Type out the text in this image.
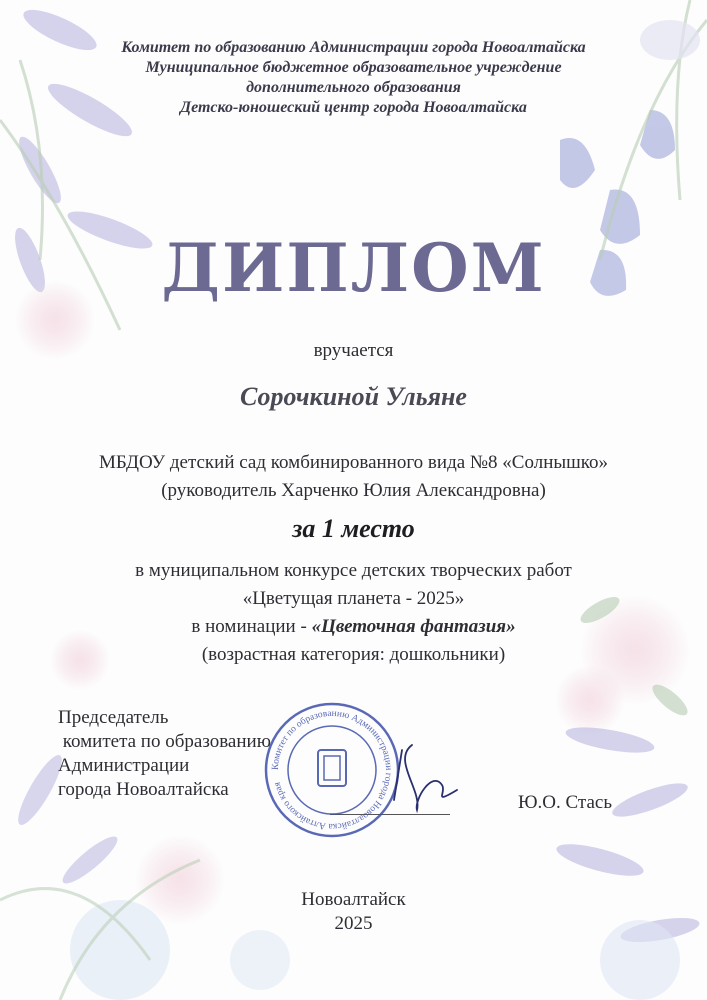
Комитет по образованию Администрации города Новоалтайска
Муниципальное бюджетное образовательное учреждение
дополнительного образования
Детско-юношеский центр города Новоалтайска
ДИПЛОМ
вручается
Сорочкиной Ульяне
МБДОУ детский сад комбинированного вида №8 «Солнышко»
(руководитель Харченко Юлия Александровна)
за 1 место
в муниципальном конкурсе детских творческих работ
«Цветущая планета - 2025»
в номинации - «Цветочная фантазия»
(возрастная категория: дошкольники)
Председатель
комитета по образованию
Администрации
города Новоалтайска
Комитет по образованию Администрации города Новоалтайска Алтайского края
Ю.О. Стась
Новоалтайск
2025
